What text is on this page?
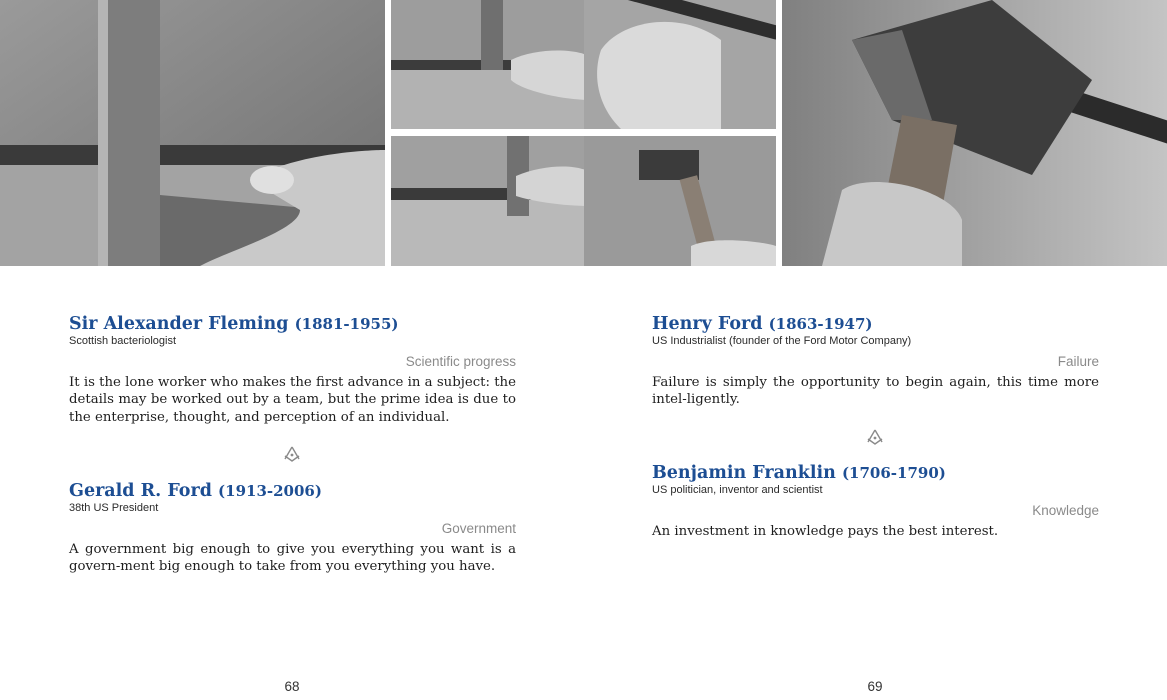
Sir Alexander Fleming (1881-1955)
Scottish bacteriologist
Scientific progress
It is the lone worker who makes the first advance in a subject: the details may be worked out by a team, but the prime idea is due to the enterprise, thought, and perception of an individual.
Gerald R. Ford (1913-2006)
38th US President
Government
A government big enough to give you everything you want is a govern-ment big enough to take from you everything you have.
68
Henry Ford (1863-1947)
US Industrialist (founder of the Ford Motor Company)
Failure
Failure is simply the opportunity to begin again, this time more intel-ligently.
Benjamin Franklin (1706-1790)
US politician, inventor and scientist
Knowledge
An investment in knowledge pays the best interest.
69
